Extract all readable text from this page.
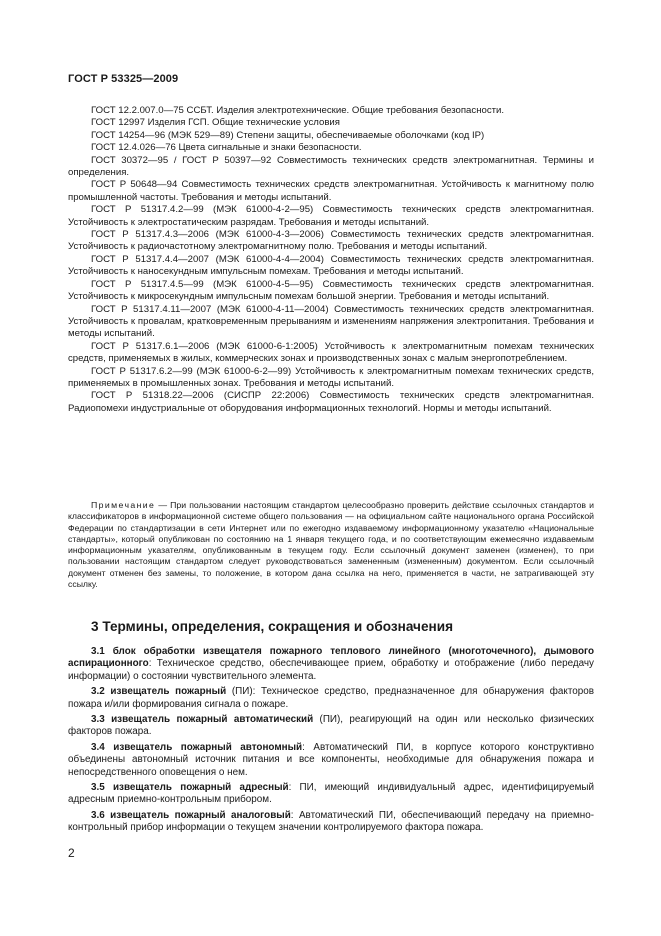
ГОСТ Р 53325—2009

ГОСТ 12.2.007.0—75 ССБТ. Изделия электротехнические. Общие требования безопасности.

ГОСТ 12997 Изделия ГСП. Общие технические условия

ГОСТ 14254—96 (МЭК 529—89) Степени защиты, обеспечиваемые оболочками (код IP)

ГОСТ 12.4.026—76 Цвета сигнальные и знаки безопасности.

ГОСТ 30372—95 / ГОСТ Р 50397—92 Совместимость технических средств электромагнитная. Термины и определения.

ГОСТ Р 50648—94 Совместимость технических средств электромагнитная. Устойчивость к магнитному полю промышленной частоты. Требования и методы испытаний.

ГОСТ Р 51317.4.2—99 (МЭК 61000-4-2—95) Совместимость технических средств электромагнитная. Устойчивость к электростатическим разрядам. Требования и методы испытаний.

ГОСТ Р 51317.4.3—2006 (МЭК 61000-4-3—2006) Совместимость технических средств электромагнитная. Устойчивость к радиочастотному электромагнитному полю. Требования и методы испытаний.

ГОСТ Р 51317.4.4—2007 (МЭК 61000-4-4—2004) Совместимость технических средств электромагнитная. Устойчивость к наносекундным импульсным помехам. Требования и методы испытаний.

ГОСТ Р 51317.4.5—99 (МЭК 61000-4-5—95) Совместимость технических средств электромагнитная. Устойчивость к микросекундным импульсным помехам большой энергии. Требования и методы испытаний.

ГОСТ Р 51317.4.11—2007 (МЭК 61000-4-11—2004) Совместимость технических средств электромагнитная. Устойчивость к провалам, кратковременным прерываниям и изменениям напряжения электропитания. Требования и методы испытаний.

ГОСТ Р 51317.6.1—2006 (МЭК 61000-6-1:2005) Устойчивость к электромагнитным помехам технических средств, применяемых в жилых, коммерческих зонах и производственных зонах с малым энергопотреблением.

ГОСТ Р 51317.6.2—99 (МЭК 61000-6-2—99) Устойчивость к электромагнитным помехам технических средств, применяемых в промышленных зонах. Требования и методы испытаний.

ГОСТ Р 51318.22—2006 (СИСПР 22:2006) Совместимость технических средств электромагнитная. Радиопомехи индустриальные от оборудования информационных технологий. Нормы и методы испытаний.

Примечание — При пользовании настоящим стандартом целесообразно проверить действие ссылочных стандартов и классификаторов в информационной системе общего пользования — на официальном сайте национального органа Российской Федерации по стандартизации в сети Интернет или по ежегодно издаваемому информационному указателю «Национальные стандарты», который опубликован по состоянию на 1 января текущего года, и по соответствующим ежемесячно издаваемым информационным указателям, опубликованным в текущем году. Если ссылочный документ заменен (изменен), то при пользовании настоящим стандартом следует руководствоваться замененным (измененным) документом. Если ссылочный документ отменен без замены, то положение, в котором дана ссылка на него, применяется в части, не затрагивающей эту ссылку.

3 Термины, определения, сокращения и обозначения

3.1 блок обработки извещателя пожарного теплового линейного (многоточечного), дымового аспирационного: Техническое средство, обеспечивающее прием, обработку и отображение (либо передачу информации) о состоянии чувствительного элемента.

3.2 извещатель пожарный (ПИ): Техническое средство, предназначенное для обнаружения факторов пожара и/или формирования сигнала о пожаре.

3.3 извещатель пожарный автоматический (ПИ), реагирующий на один или несколько физических факторов пожара.

3.4 извещатель пожарный автономный: Автоматический ПИ, в корпусе которого конструктивно объединены автономный источник питания и все компоненты, необходимые для обнаружения пожара и непосредственного оповещения о нем.

3.5 извещатель пожарный адресный: ПИ, имеющий индивидуальный адрес, идентифицируемый адресным приемно-контрольным прибором.

3.6 извещатель пожарный аналоговый: Автоматический ПИ, обеспечивающий передачу на приемно-контрольный прибор информации о текущем значении контролируемого фактора пожара.

2
